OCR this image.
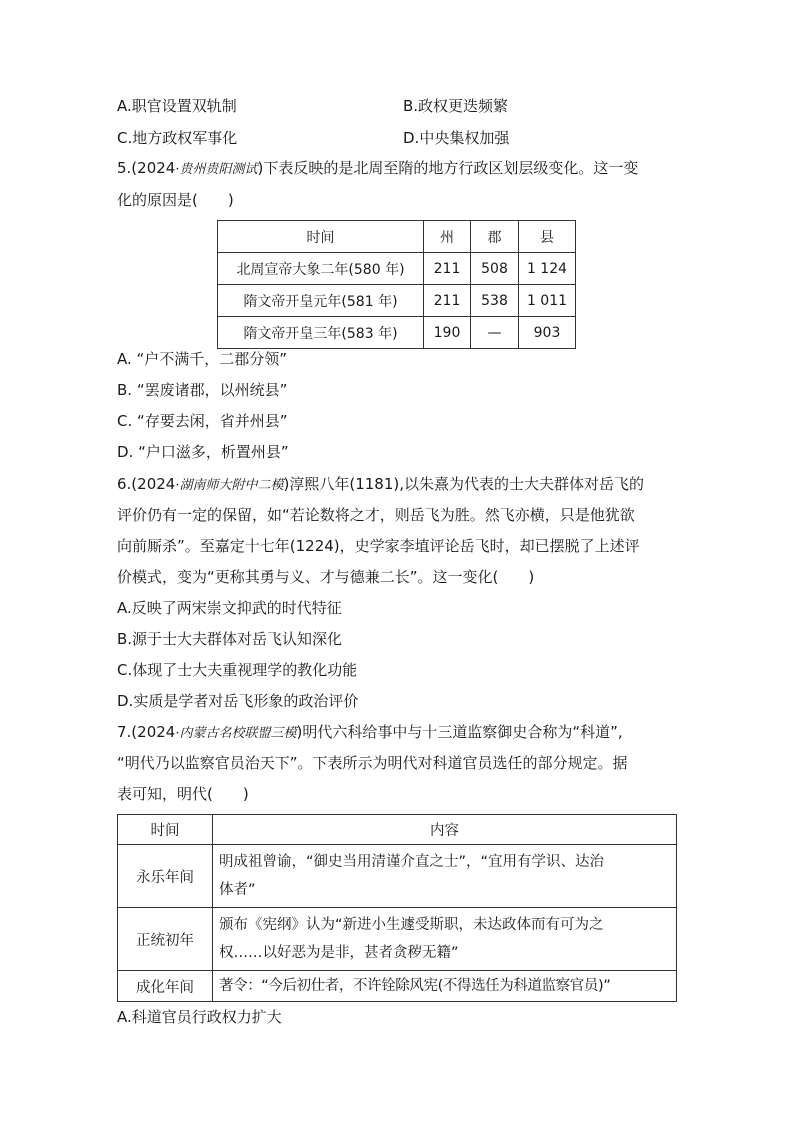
A.职官设置双轨制	B.政权更迭频繁
C.地方政权军事化	D.中央集权加强
5.(2024·贵州贵阳测试)下表反映的是北周至隋的地方行政区划层级变化。这一变
化的原因是(　　)
时间	州	郡	县
北周宣帝大象二年(580 年)	211	508	1 124
隋文帝开皇元年(581 年)	211	538	1 011
隋文帝开皇三年(583 年)	190	—	903
A. “户不满千，二郡分领”
B. “罢废诸郡，以州统县”
C. “存要去闲，省并州县”
D. “户口滋多，析置州县”
6.(2024·湖南师大附中二模)淳熙八年(1181),以朱熹为代表的士大夫群体对岳飞的
评价仍有一定的保留，如“若论数将之才，则岳飞为胜。然飞亦横，只是他犹欲
向前厮杀”。至嘉定十七年(1224)，史学家李埴评论岳飞时，却已摆脱了上述评
价模式，变为“更称其勇与义、才与德兼二长”。这一变化(　　)
A.反映了两宋崇文抑武的时代特征
B.源于士大夫群体对岳飞认知深化
C.体现了士大夫重视理学的教化功能
D.实质是学者对岳飞形象的政治评价
7.(2024·内蒙古名校联盟三模)明代六科给事中与十三道监察御史合称为“科道”,
“明代乃以监察官员治天下”。下表所示为明代对科道官员选任的部分规定。据
表可知，明代(　　)
时间	内容
永乐年间	明成祖曾谕，“御史当用清谨介直之士”，“宜用有学识、达治
体者”

正统初年	颁布《宪纲》认为“新进小生遽受斯职，未达政体而有可为之
权……以好恶为是非，甚者贪秽无籍”

成化年间	著令：“今后初仕者，不许铨除风宪(不得选任为科道监察官员)”
A.科道官员行政权力扩大
